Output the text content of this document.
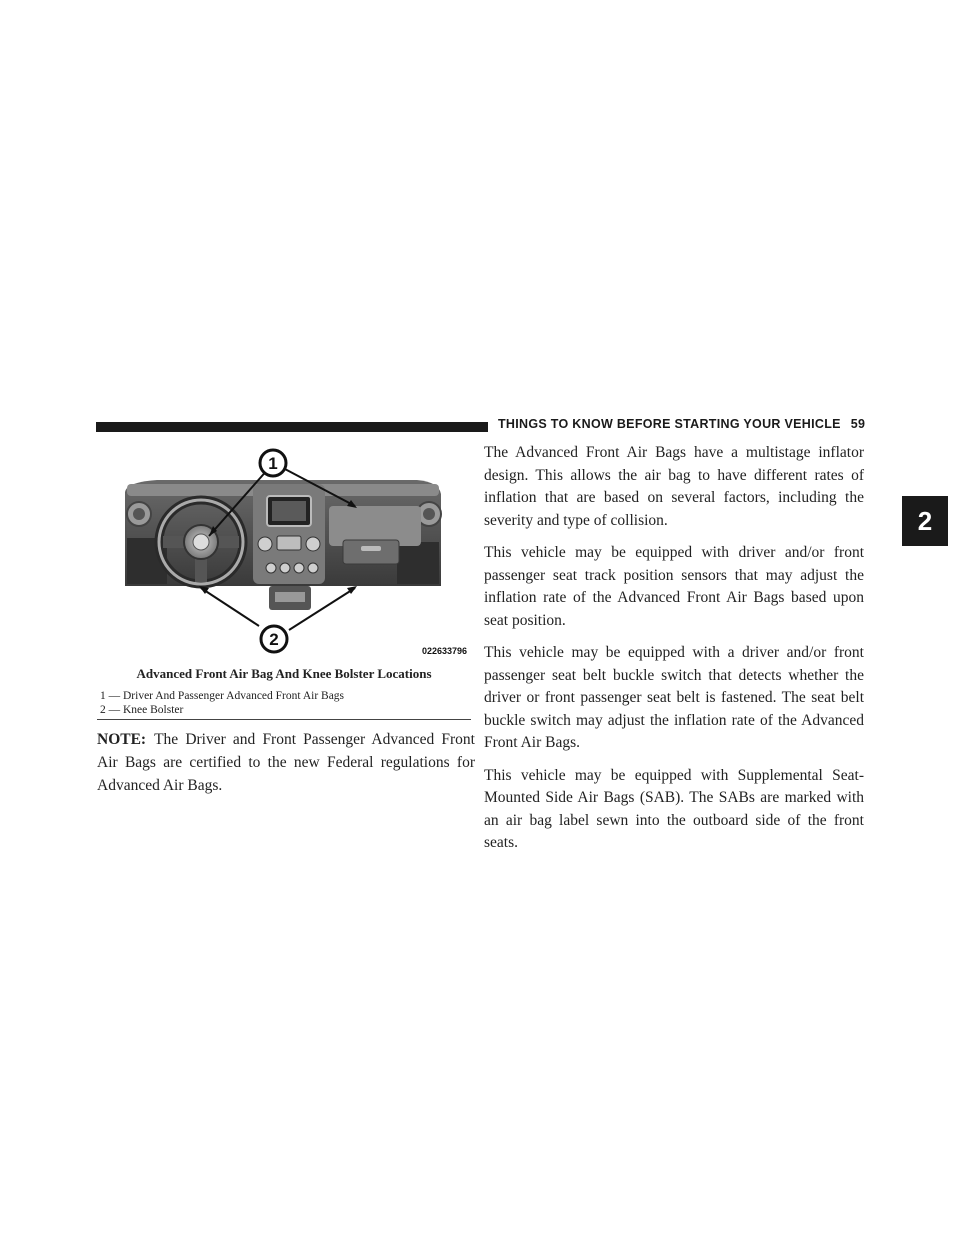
THINGS TO KNOW BEFORE STARTING YOUR VEHICLE 59
2
1
2
022633796
Advanced Front Air Bag And Knee Bolster Locations
1 — Driver And Passenger Advanced Front Air Bags
2 — Knee Bolster
NOTE: The Driver and Front Passenger Advanced Front Air Bags are certified to the new Federal regulations for Advanced Air Bags.

The Advanced Front Air Bags have a multistage inflator design. This allows the air bag to have different rates of inflation that are based on several factors, including the severity and type of collision.

This vehicle may be equipped with driver and/or front passenger seat track position sensors that may adjust the inflation rate of the Advanced Front Air Bags based upon seat position.

This vehicle may be equipped with a driver and/or front passenger seat belt buckle switch that detects whether the driver or front passenger seat belt is fastened. The seat belt buckle switch may adjust the inflation rate of the Advanced Front Air Bags.

This vehicle may be equipped with Supplemental Seat-Mounted Side Air Bags (SAB). The SABs are marked with an air bag label sewn into the outboard side of the front seats.
